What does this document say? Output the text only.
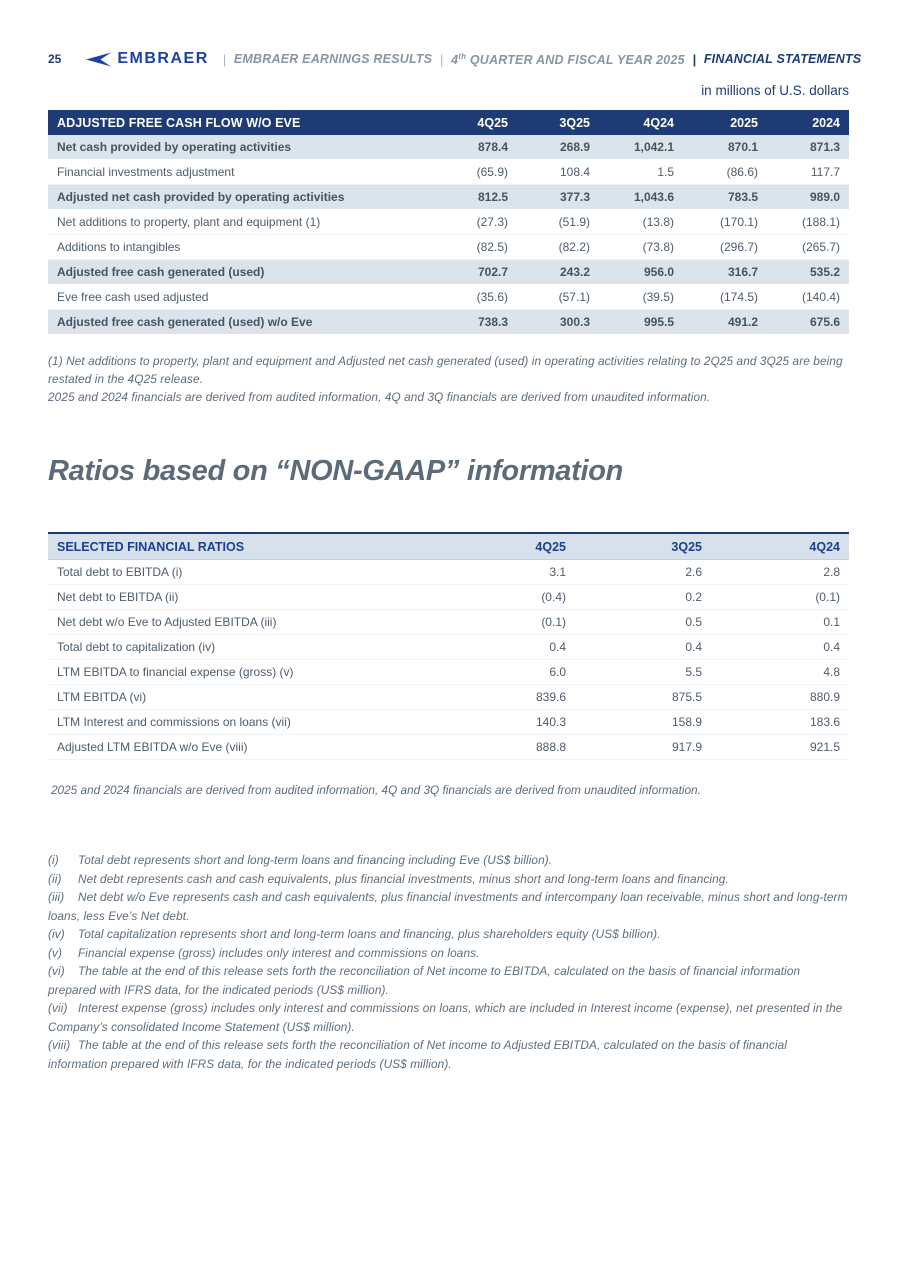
25	EMBRAER	| EMBRAER EARNINGS RESULTS | 4th QUARTER AND FISCAL YEAR 2025 | FINANCIAL STATEMENTS
in millions of U.S. dollars
ADJUSTED FREE CASH FLOW W/O EVE	4Q25	3Q25	4Q24	2025	2024
Net cash provided by operating activities	878.4	268.9	1,042.1	870.1	871.3
Financial investments adjustment	(65.9)	108.4	1.5	(86.6)	117.7
Adjusted net cash provided by operating activities	812.5	377.3	1,043.6	783.5	989.0
Net additions to property, plant and equipment (1)	(27.3)	(51.9)	(13.8)	(170.1)	(188.1)
Additions to intangibles	(82.5)	(82.2)	(73.8)	(296.7)	(265.7)
Adjusted free cash generated (used)	702.7	243.2	956.0	316.7	535.2
Eve free cash used adjusted	(35.6)	(57.1)	(39.5)	(174.5)	(140.4)
Adjusted free cash generated (used) w/o Eve	738.3	300.3	995.5	491.2	675.6
(1) Net additions to property, plant and equipment and Adjusted net cash generated (used) in operating activities relating to 2Q25 and 3Q25 are being restated in the 4Q25 release.
2025 and 2024 financials are derived from audited information, 4Q and 3Q financials are derived from unaudited information.
Ratios based on “NON-GAAP” information
SELECTED FINANCIAL RATIOS	4Q25	3Q25	4Q24
Total debt to EBITDA (i)	3.1	2.6	2.8
Net debt to EBITDA (ii)	(0.4)	0.2	(0.1)
Net debt w/o Eve to Adjusted EBITDA (iii)	(0.1)	0.5	0.1
Total debt to capitalization (iv)	0.4	0.4	0.4
LTM EBITDA to financial expense (gross) (v)	6.0	5.5	4.8
LTM EBITDA (vi)	839.6	875.5	880.9
LTM Interest and commissions on loans (vii)	140.3	158.9	183.6
Adjusted LTM EBITDA w/o Eve (viii)	888.8	917.9	921.5
2025 and 2024 financials are derived from audited information, 4Q and 3Q financials are derived from unaudited information.

(i) Total debt represents short and long-term loans and financing including Eve (US$ billion).

(ii) Net debt represents cash and cash equivalents, plus financial investments, minus short and long-term loans and financing.

(iii) Net debt w/o Eve represents cash and cash equivalents, plus financial investments and intercompany loan receivable, minus short and long-term loans, less Eve’s Net debt.

(iv) Total capitalization represents short and long-term loans and financing, plus shareholders equity (US$ billion).

(v) Financial expense (gross) includes only interest and commissions on loans.

(vi) The table at the end of this release sets forth the reconciliation of Net income to EBITDA, calculated on the basis of financial information prepared with IFRS data, for the indicated periods (US$ million).

(vii) Interest expense (gross) includes only interest and commissions on loans, which are included in Interest income (expense), net presented in the Company’s consolidated Income Statement (US$ million).

(viii) The table at the end of this release sets forth the reconciliation of Net income to Adjusted EBITDA, calculated on the basis of financial information prepared with IFRS data, for the indicated periods (US$ million).
